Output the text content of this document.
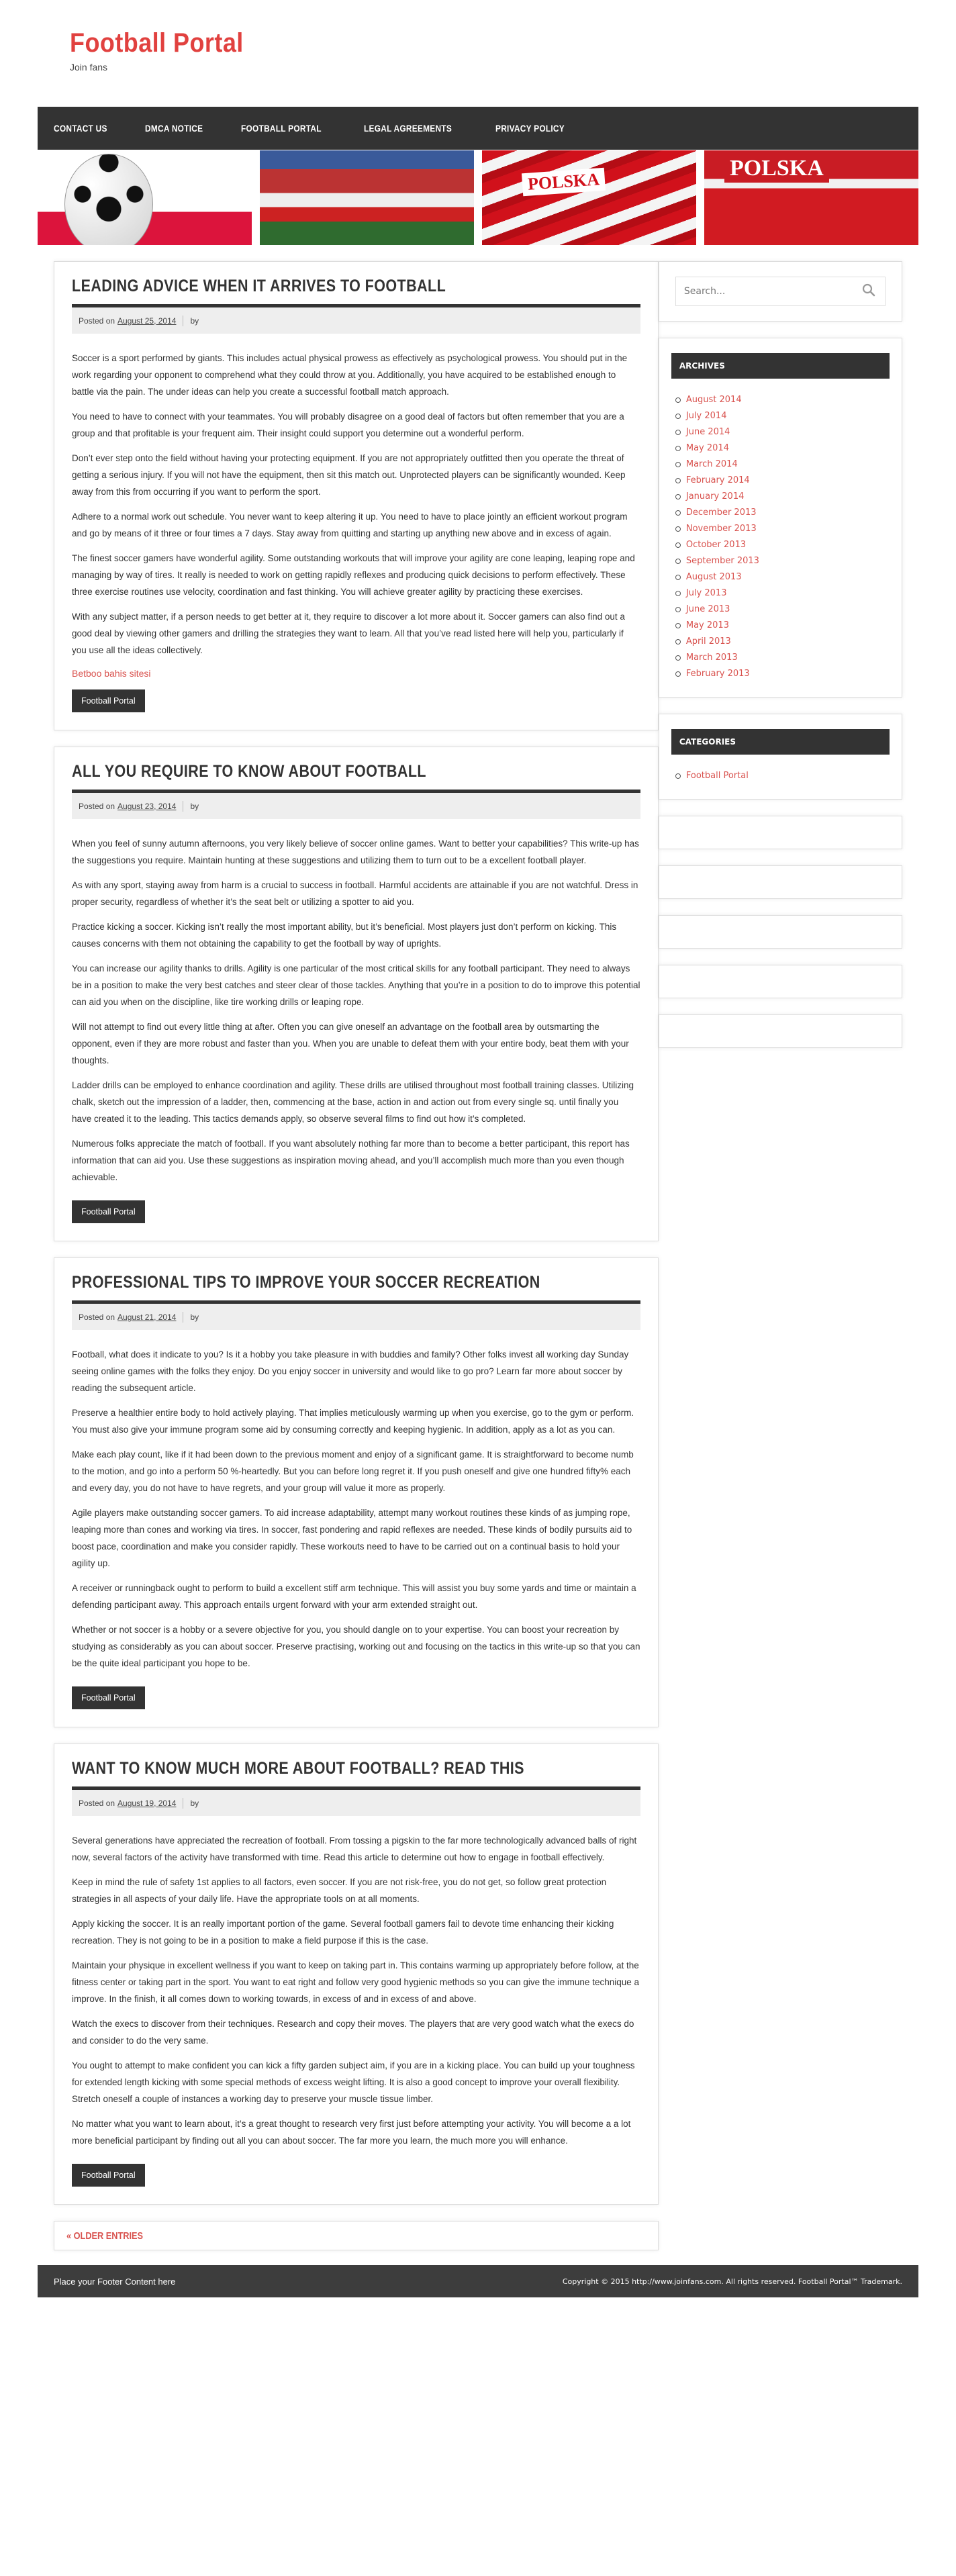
Football Portal
Join fans
CONTACT US	DMCA NOTICE	FOOTBALL PORTAL	LEGAL AGREEMENTS	PRIVACY POLICY
POLSKA
POLSKA
LEADING ADVICE WHEN IT ARRIVES TO FOOTBALL
Posted on August 25, 2014 by

Soccer is a sport performed by giants. This includes actual physical prowess as effectively as psychological prowess. You should put in the work regarding your opponent to comprehend what they could throw at you. Additionally, you have acquired to be established enough to battle via the pain. The under ideas can help you create a successful football match approach.

You need to have to connect with your teammates. You will probably disagree on a good deal of factors but often remember that you are a group and that profitable is your frequent aim. Their insight could support you determine out a wonderful perform.

Don’t ever step onto the field without having your protecting equipment. If you are not appropriately outfitted then you operate the threat of getting a serious injury. If you will not have the equipment, then sit this match out. Unprotected players can be significantly wounded. Keep away from this from occurring if you want to perform the sport.

Adhere to a normal work out schedule. You never want to keep altering it up. You need to have to place jointly an efficient workout program and go by means of it three or four times a 7 days. Stay away from quitting and starting up anything new above and in excess of again.

The finest soccer gamers have wonderful agility. Some outstanding workouts that will improve your agility are cone leaping, leaping rope and managing by way of tires. It really is needed to work on getting rapidly reflexes and producing quick decisions to perform effectively. These three exercise routines use velocity, coordination and fast thinking. You will achieve greater agility by practicing these exercises.

With any subject matter, if a person needs to get better at it, they require to discover a lot more about it. Soccer gamers can also find out a good deal by viewing other gamers and drilling the strategies they want to learn. All that you’ve read listed here will help you, particularly if you use all the ideas collectively.

Betboo bahis sitesi
Football Portal
ALL YOU REQUIRE TO KNOW ABOUT FOOTBALL
Posted on August 23, 2014 by

When you feel of sunny autumn afternoons, you very likely believe of soccer online games. Want to better your capabilities? This write-up has the suggestions you require. Maintain hunting at these suggestions and utilizing them to turn out to be a excellent football player.

As with any sport, staying away from harm is a crucial to success in football. Harmful accidents are attainable if you are not watchful. Dress in proper security, regardless of whether it’s the seat belt or utilizing a spotter to aid you.

Practice kicking a soccer. Kicking isn’t really the most important ability, but it’s beneficial. Most players just don’t perform on kicking. This causes concerns with them not obtaining the capability to get the football by way of uprights.

You can increase our agility thanks to drills. Agility is one particular of the most critical skills for any football participant. They need to always be in a position to make the very best catches and steer clear of those tackles. Anything that you’re in a position to do to improve this potential can aid you when on the discipline, like tire working drills or leaping rope.

Will not attempt to find out every little thing at after. Often you can give oneself an advantage on the football area by outsmarting the opponent, even if they are more robust and faster than you. When you are unable to defeat them with your entire body, beat them with your thoughts.

Ladder drills can be employed to enhance coordination and agility. These drills are utilised throughout most football training classes. Utilizing chalk, sketch out the impression of a ladder, then, commencing at the base, action in and action out from every single sq. until finally you have created it to the leading. This tactics demands apply, so observe several films to find out how it’s completed.

Numerous folks appreciate the match of football. If you want absolutely nothing far more than to become a better participant, this report has information that can aid you. Use these suggestions as inspiration moving ahead, and you’ll accomplish much more than you even though achievable.

Football Portal
PROFESSIONAL TIPS TO IMPROVE YOUR SOCCER RECREATION
Posted on August 21, 2014 by

Football, what does it indicate to you? Is it a hobby you take pleasure in with buddies and family? Other folks invest all working day Sunday seeing online games with the folks they enjoy. Do you enjoy soccer in university and would like to go pro? Learn far more about soccer by reading the subsequent article.

Preserve a healthier entire body to hold actively playing. That implies meticulously warming up when you exercise, go to the gym or perform. You must also give your immune program some aid by consuming correctly and keeping hygienic. In addition, apply as a lot as you can.

Make each play count, like if it had been down to the previous moment and enjoy of a significant game. It is straightforward to become numb to the motion, and go into a perform 50 %-heartedly. But you can before long regret it. If you push oneself and give one hundred fifty% each and every day, you do not have to have regrets, and your group will value it more as properly.

Agile players make outstanding soccer gamers. To aid increase adaptability, attempt many workout routines these kinds of as jumping rope, leaping more than cones and working via tires. In soccer, fast pondering and rapid reflexes are needed. These kinds of bodily pursuits aid to boost pace, coordination and make you consider rapidly. These workouts need to have to be carried out on a continual basis to hold your agility up.

A receiver or runningback ought to perform to build a excellent stiff arm technique. This will assist you buy some yards and time or maintain a defending participant away. This approach entails urgent forward with your arm extended straight out.

Whether or not soccer is a hobby or a severe objective for you, you should dangle on to your expertise. You can boost your recreation by studying as considerably as you can about soccer. Preserve practising, working out and focusing on the tactics in this write-up so that you can be the quite ideal participant you hope to be.

Football Portal
WANT TO KNOW MUCH MORE ABOUT FOOTBALL? READ THIS
Posted on August 19, 2014 by

Several generations have appreciated the recreation of football. From tossing a pigskin to the far more technologically advanced balls of right now, several factors of the activity have transformed with time. Read this article to determine out how to engage in football effectively.

Keep in mind the rule of safety 1st applies to all factors, even soccer. If you are not risk-free, you do not get, so follow great protection strategies in all aspects of your daily life. Have the appropriate tools on at all moments.

Apply kicking the soccer. It is an really important portion of the game. Several football gamers fail to devote time enhancing their kicking recreation. They is not going to be in a position to make a field purpose if this is the case.

Maintain your physique in excellent wellness if you want to keep on taking part in. This contains warming up appropriately before follow, at the fitness center or taking part in the sport. You want to eat right and follow very good hygienic methods so you can give the immune technique a improve. In the finish, it all comes down to working towards, in excess of and in excess of and above.

Watch the execs to discover from their techniques. Research and copy their moves. The players that are very good watch what the execs do and consider to do the very same.

You ought to attempt to make confident you can kick a fifty garden subject aim, if you are in a kicking place. You can build up your toughness for extended length kicking with some special methods of excess weight lifting. It is also a good concept to improve your overall flexibility. Stretch oneself a couple of instances a working day to preserve your muscle tissue limber.

No matter what you want to learn about, it’s a great thought to research very first just before attempting your activity. You will become a a lot more beneficial participant by finding out all you can about soccer. The far more you learn, the much more you will enhance.

Football Portal
« OLDER ENTRIES
Search...
ARCHIVES
August 2014
July 2014
June 2014
May 2014
March 2014
February 2014
January 2014
December 2013
November 2013
October 2013
September 2013
August 2013
July 2013
June 2013
May 2013
April 2013
March 2013
February 2013
CATEGORIES
Football Portal
Place your Footer Content here	Copyright © 2015 http://www.joinfans.com. All rights reserved. Football Portal™ Trademark.
